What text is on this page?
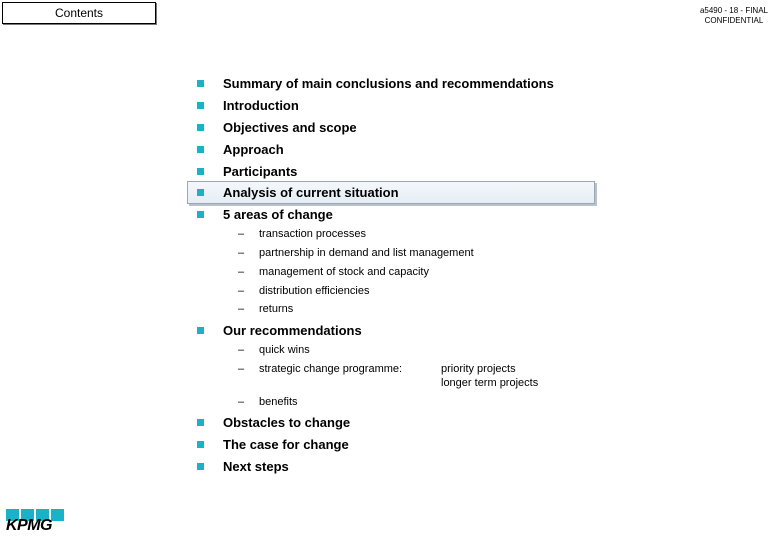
Contents	a5490 - 18 - FINAL
CONFIDENTIAL
Summary of main conclusions and recommendations
Introduction
Objectives and scope
Approach
Participants
Analysis of current situation
5 areas of change
– transaction processes
– partnership in demand and list management
– management of stock and capacity
– distribution efficiencies
– returns
Our recommendations
– quick wins
– strategic change programme:	priority projects
longer term projects
– benefits
Obstacles to change
The case for change
Next steps
KPMG
